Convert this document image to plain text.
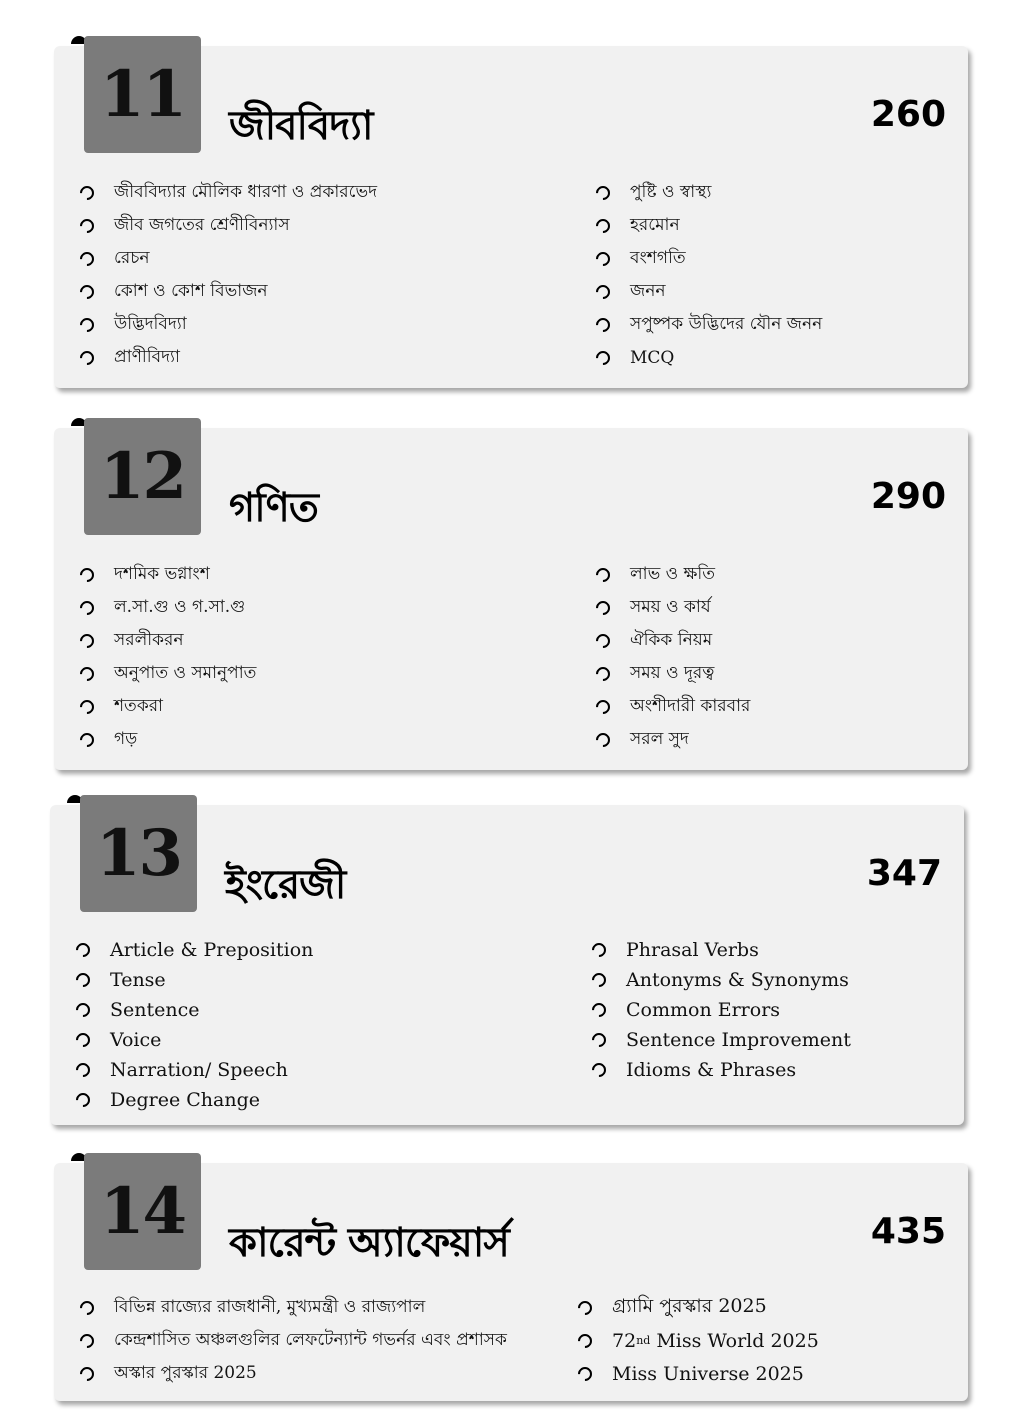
11	জীববিদ্যা	260
জীববিদ্যার মৌলিক ধারণা ও প্রকারভেদ
জীব জগতের শ্রেণীবিন্যাস
রেচন
কোশ ও কোশ বিভাজন
উদ্ভিদবিদ্যা
প্রাণীবিদ্যা
পুষ্টি ও স্বাস্থ্য
হরমোন
বংশগতি
জনন
সপুষ্পক উদ্ভিদের যৌন জনন
MCQ
12	গণিত	290
দশমিক ভগ্নাংশ
ল.সা.গু ও গ.সা.গু
সরলীকরন
অনুপাত ও সমানুপাত
শতকরা
গড়
লাভ ও ক্ষতি
সময় ও কার্য
ঐকিক নিয়ম
সময় ও দূরত্ব
অংশীদারী কারবার
সরল সুদ
13	ইংরেজী	347
Article & Preposition
Tense
Sentence
Voice
Narration/ Speech
Degree Change
Phrasal Verbs
Antonyms & Synonyms
Common Errors
Sentence Improvement
Idioms & Phrases
14	কারেন্ট অ্যাফেয়ার্স	435
বিভিন্ন রাজ্যের রাজধানী, মুখ্যমন্ত্রী ও রাজ্যপাল
কেন্দ্রশাসিত অঞ্চলগুলির লেফটেন্যান্ট গভর্নর এবং প্রশাসক
অস্কার পুরস্কার 2025
গ্র্যামি পুরস্কার 2025
72 nd Miss World 2025
Miss Universe 2025
